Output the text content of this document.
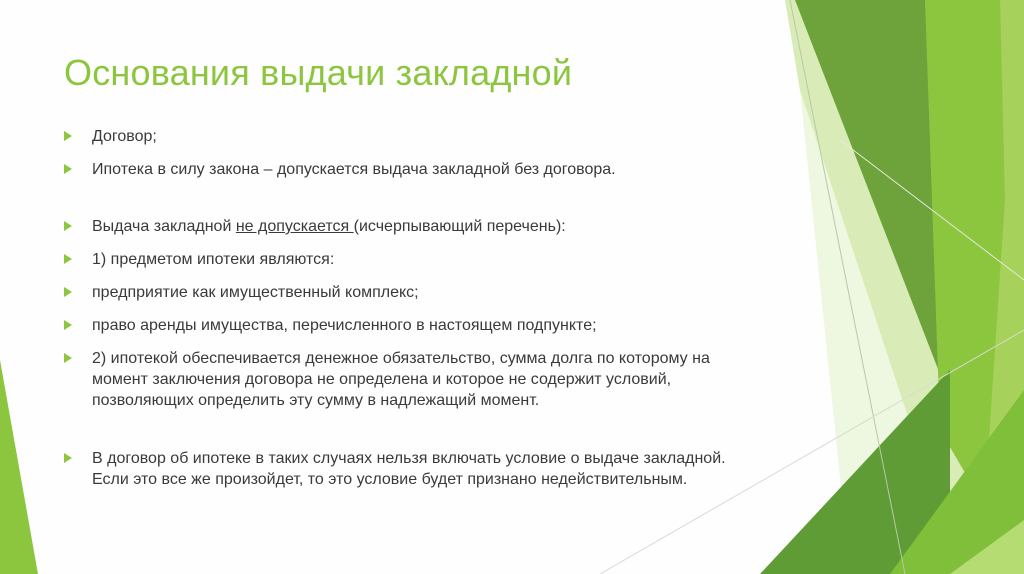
Основания выдачи закладной
Договор;
Ипотека в силу закона – допускается выдача закладной без договора.
Выдача закладной не допускается (исчерпывающий перечень):
1) предметом ипотеки являются:
предприятие как имущественный комплекс;
право аренды имущества, перечисленного в настоящем подпункте;
2) ипотекой обеспечивается денежное обязательство, сумма долга по которому на момент заключения договора не определена и которое не содержит условий, позволяющих определить эту сумму в надлежащий момент.
В договор об ипотеке в таких случаях нельзя включать условие о выдаче закладной. Если это все же произойдет, то это условие будет признано недействительным.
